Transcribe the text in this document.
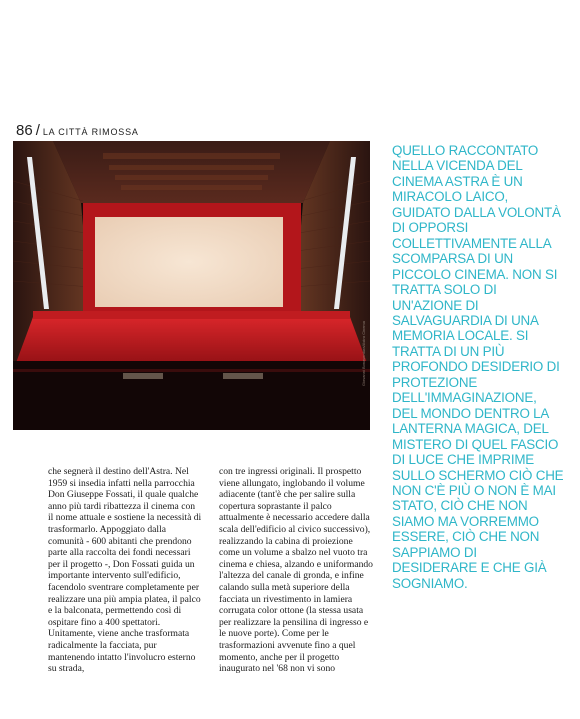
86 / LA CITTÀ RIMOSSA
Giovanni Bonaventura/Astra Cinema

che segnerà il destino dell'Astra. Nel 1959 si insedia infatti nella parrocchia Don Giuseppe Fossati, il quale qualche anno più tardi ribattezza il cinema con il nome attuale e sostiene la necessità di trasformarlo. Appoggiato dalla comunità - 600 abitanti che prendono parte alla raccolta dei fondi necessari per il progetto -, Don Fossati guida un importante intervento sull'edificio, facendolo sventrare completamente per realizzare una più ampia platea, il palco e la balconata, permettendo così di ospitare fino a 400 spettatori. Unitamente, viene anche trasformata radicalmente la facciata, pur mantenendo intatto l'involucro esterno su strada,

con tre ingressi originali. Il prospetto viene allungato, inglobando il volume adiacente (tant'è che per salire sulla copertura soprastante il palco attualmente è necessario accedere dalla scala dell'edificio al civico successivo), realizzando la cabina di proiezione come un volume a sbalzo nel vuoto tra cinema e chiesa, alzando e uniformando l'altezza del canale di gronda, e infine calando sulla metà superiore della facciata un rivestimento in lamiera corrugata color ottone (la stessa usata per realizzare la pensilina di ingresso e le nuove porte). Come per le trasformazioni avvenute fino a quel momento, anche per il progetto inaugurato nel '68 non vi sono

QUELLO RACCONTATO NELLA VICENDA DEL CINEMA ASTRA È UN MIRACOLO LAICO, GUIDATO DALLA VOLONTÀ DI OPPORSI COLLETTIVAMENTE ALLA SCOMPARSA DI UN PICCOLO CINEMA. NON SI TRATTA SOLO DI UN'AZIONE DI SALVAGUARDIA DI UNA MEMORIA LOCALE. SI TRATTA DI UN PIÙ PROFONDO DESIDERIO DI PROTEZIONE DELL'IMMAGINAZIONE, DEL MONDO DENTRO LA LANTERNA MAGICA, DEL MISTERO DI QUEL FASCIO DI LUCE CHE IMPRIME SULLO SCHERMO CIÒ CHE NON C'È PIÙ O NON È MAI STATO, CIÒ CHE NON SIAMO MA VORREMMO ESSERE, CIÒ CHE NON SAPPIAMO DI DESIDERARE E CHE GIÀ SOGNIAMO.
